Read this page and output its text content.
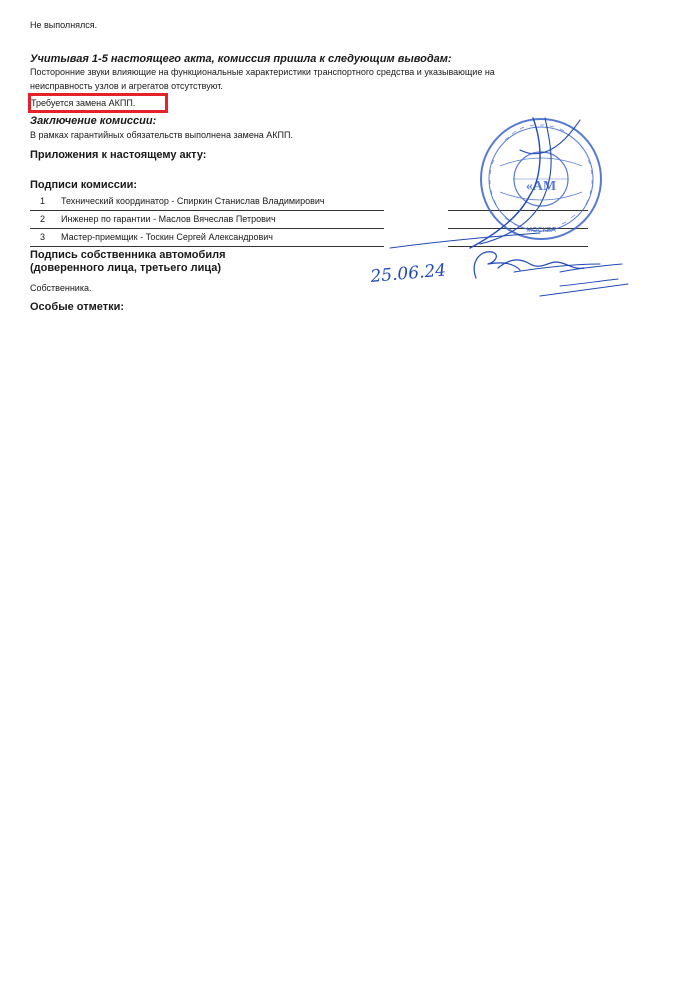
Не выполнялся.
Учитывая 1-5 настоящего акта, комиссия пришла к следующим выводам:
Посторонние звуки влияющие на функциональные характеристики транспортного средства и указывающие на
неисправность узлов и агрегатов отсутствуют.
Требуется замена АКПП.
Заключение комиссии:
В рамках гарантийных обязательств выполнена замена АКПП.
Приложения к настоящему акту:
Подписи комиссии:
1 Технический координатор - Спиркин Станислав Владимирович
2 Инженер по гарантии - Маслов Вячеслав Петрович
3 Мастер-приемщик - Тоскин Сергей Александрович
Подпись собственника автомобиля
(доверенного лица, третьего лица)
Собственника.
Особые отметки:
«АМ
МОСКВА
25.06.24
